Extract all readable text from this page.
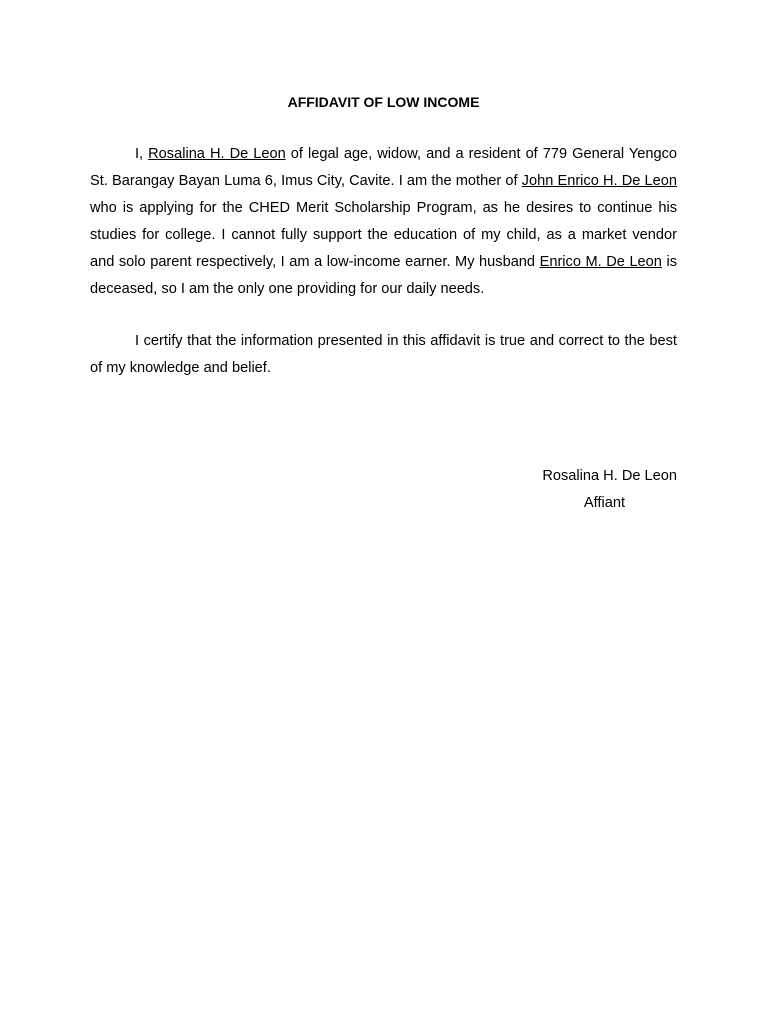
AFFIDAVIT OF LOW INCOME

I, Rosalina H. De Leon of legal age, widow, and a resident of 779 General Yengco St. Barangay Bayan Luma 6, Imus City, Cavite. I am the mother of John Enrico H. De Leon who is applying for the CHED Merit Scholarship Program, as he desires to continue his studies for college. I cannot fully support the education of my child, as a market vendor and solo parent respectively, I am a low-income earner. My husband Enrico M. De Leon is deceased, so I am the only one providing for our daily needs.

I certify that the information presented in this affidavit is true and correct to the best of my knowledge and belief.

Rosalina H. De Leon
Affiant
